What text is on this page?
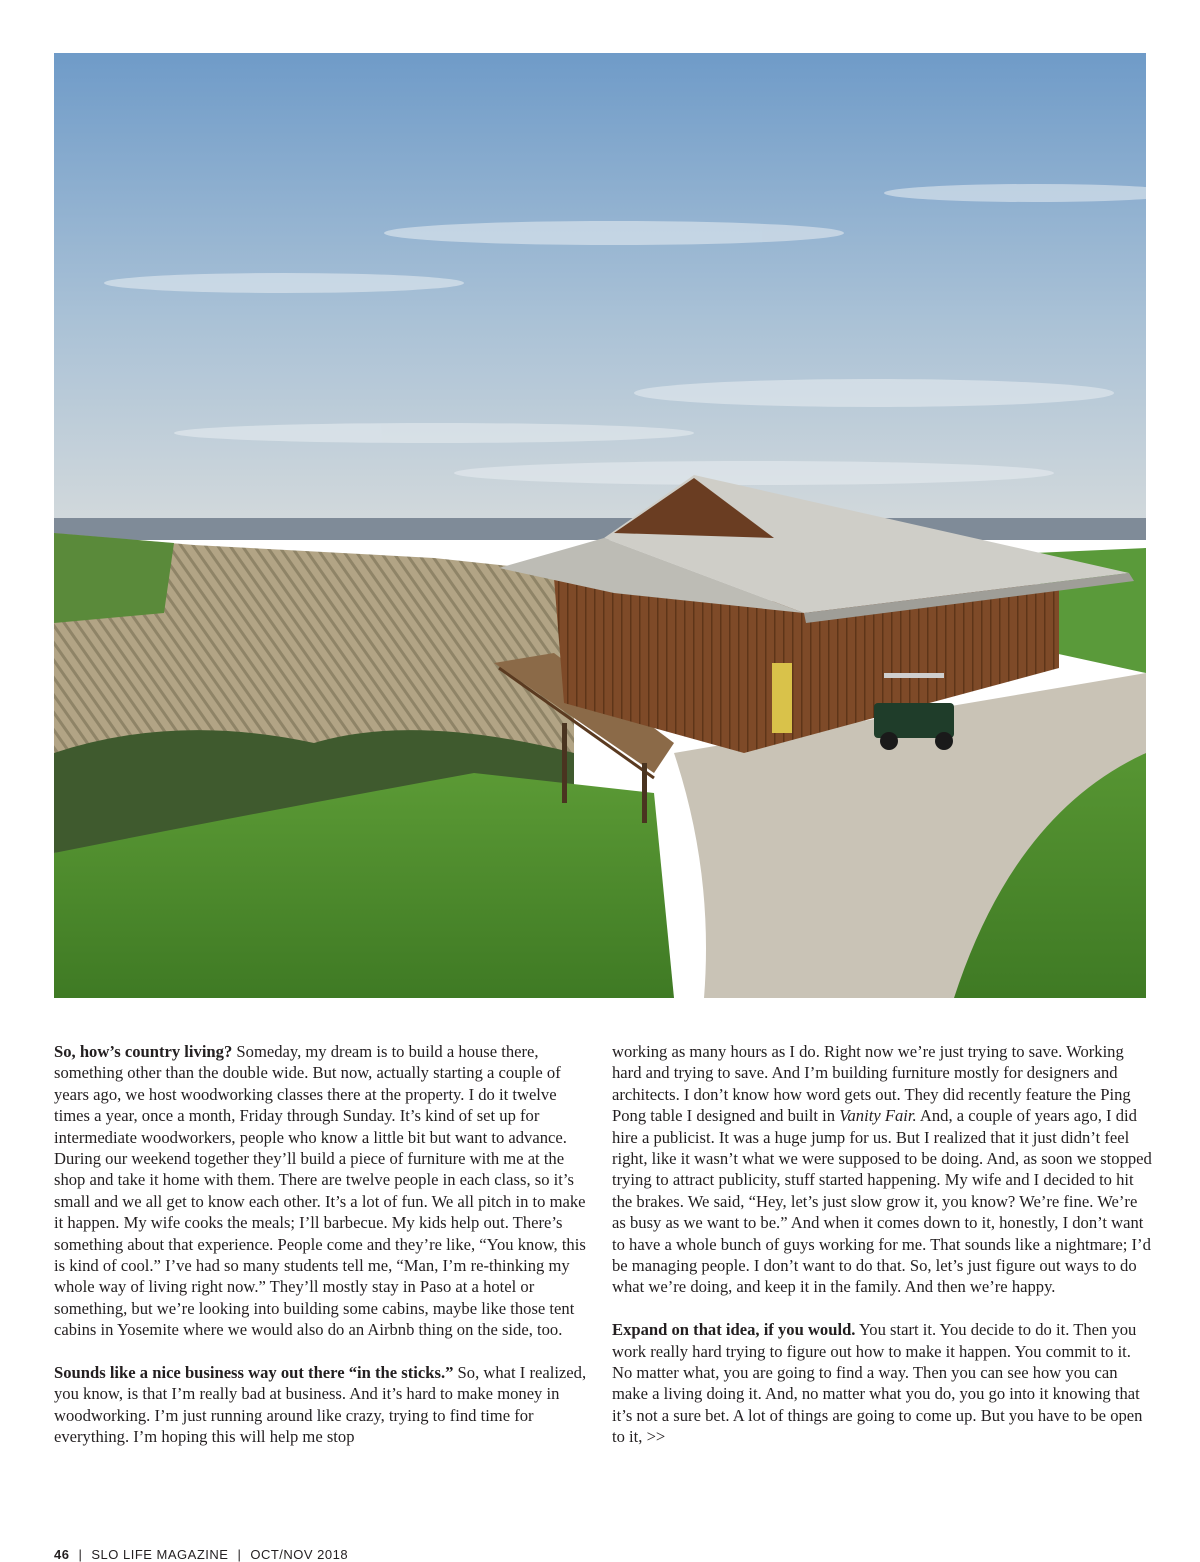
So, how’s country living? Someday, my dream is to build a house there, something other than the double wide. But now, actually starting a couple of years ago, we host woodworking classes there at the property. I do it twelve times a year, once a month, Friday through Sunday. It’s kind of set up for intermediate woodworkers, people who know a little bit but want to advance. During our weekend together they’ll build a piece of furniture with me at the shop and take it home with them. There are twelve people in each class, so it’s small and we all get to know each other. It’s a lot of fun. We all pitch in to make it happen. My wife cooks the meals; I’ll barbecue. My kids help out. There’s something about that experience. People come and they’re like, “You know, this is kind of cool.” I’ve had so many students tell me, “Man, I’m re-thinking my whole way of living right now.” They’ll mostly stay in Paso at a hotel or something, but we’re looking into building some cabins, maybe like those tent cabins in Yosemite where we would also do an Airbnb thing on the side, too.

Sounds like a nice business way out there “in the sticks.” So, what I realized, you know, is that I’m really bad at business. And it’s hard to make money in woodworking. I’m just running around like crazy, trying to find time for everything. I’m hoping this will help me stop

working as many hours as I do. Right now we’re just trying to save. Working hard and trying to save. And I’m building furniture mostly for designers and architects. I don’t know how word gets out. They did recently feature the Ping Pong table I designed and built in Vanity Fair. And, a couple of years ago, I did hire a publicist. It was a huge jump for us. But I realized that it just didn’t feel right, like it wasn’t what we were supposed to be doing. And, as soon we stopped trying to attract publicity, stuff started happening. My wife and I decided to hit the brakes. We said, “Hey, let’s just slow grow it, you know? We’re fine. We’re as busy as we want to be.” And when it comes down to it, honestly, I don’t want to have a whole bunch of guys working for me. That sounds like a nightmare; I’d be managing people. I don’t want to do that. So, let’s just figure out ways to do what we’re doing, and keep it in the family. And then we’re happy.

Expand on that idea, if you would. You start it. You decide to do it. Then you work really hard trying to figure out how to make it happen. You commit to it. No matter what, you are going to find a way. Then you can see how you can make a living doing it. And, no matter what you do, you go into it knowing that it’s not a sure bet. A lot of things are going to come up. But you have to be open to it, >>

46 | SLO LIFE MAGAZINE | OCT/NOV 2018
